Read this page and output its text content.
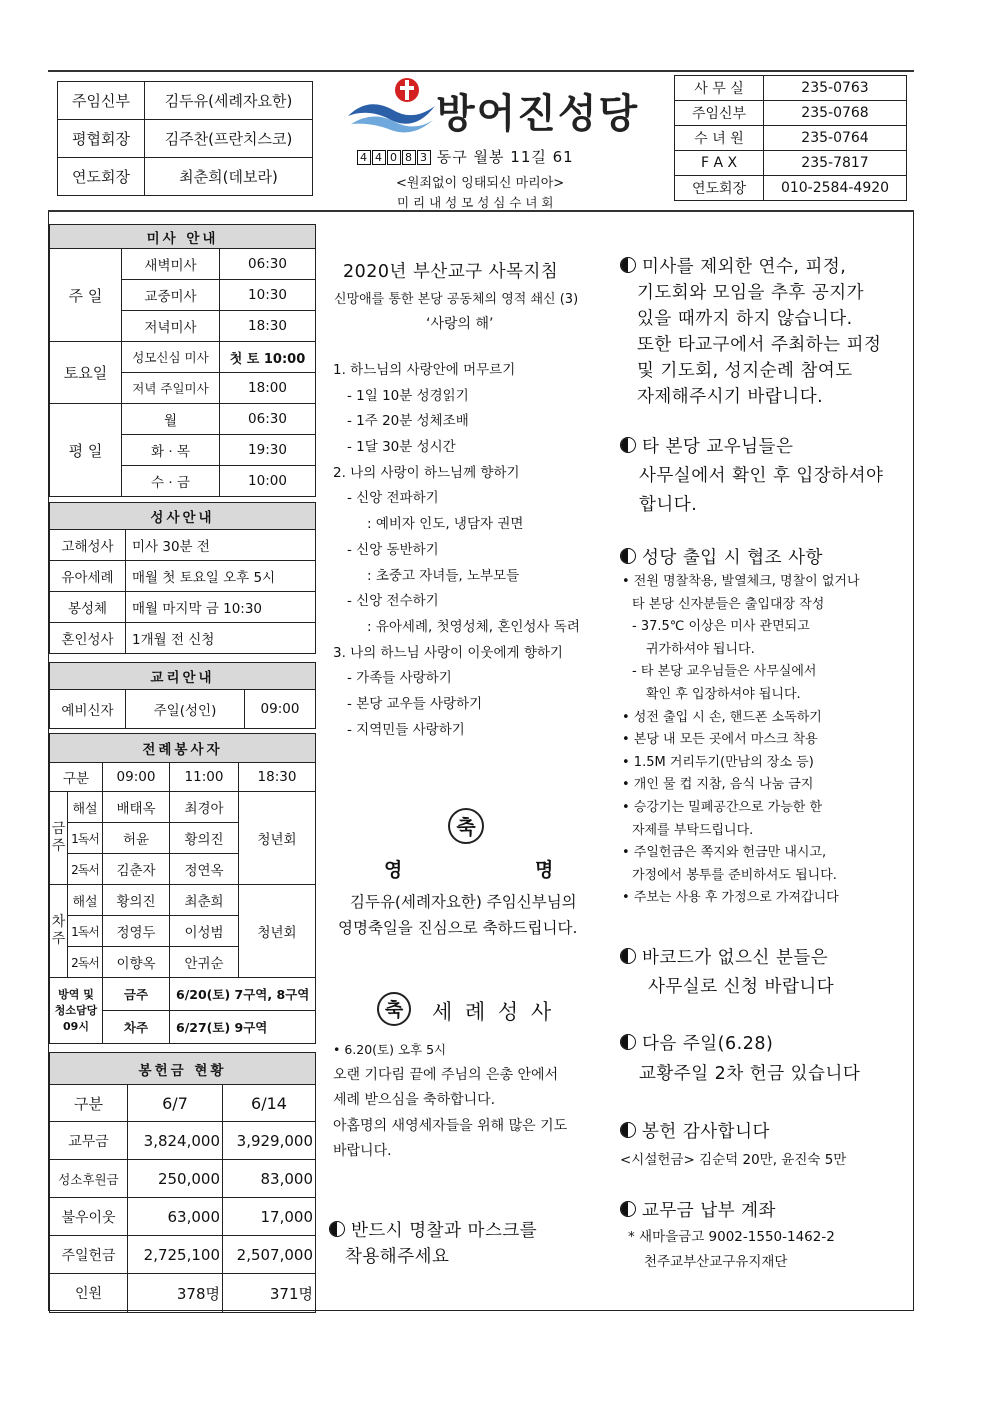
주임신부	김두유(세례자요한)
평협회장	김주찬(프란치스코)
연도회장	최춘희(데보라)
방어진성당
4 4 0 8 3 동구 월봉 11길 61
<원죄없이 잉태되신 마리아>
미 리 내 성 모 성 심 수 녀 회
사 무 실	235-0763
주임신부	235-0768
수 녀 원	235-0764
F A X	235-7817
연도회장	010-2584-4920
미사 안내		
주 일	새벽미사	06:30
	교중미사	10:30
	저녁미사	18:30
토요일	성모신심 미사	첫 토 10:00
	저녁 주일미사	18:00
평 일	월	06:30
	화 · 목	19:30
	수 · 금	10:00
성사안내	
고해성사	미사 30분 전
유아세례	매월 첫 토요일 오후 5시
봉성체	매월 마지막 금 10:30
혼인성사	1개월 전 신청
교리안내
예비신자	주일(성인)	09:00
전례봉사자				
구분		09:00	11:00	18:30
금주	해설	배태옥	최경아	청년회
	1독서	허윤	황의진	
	2독서	김춘자	정연옥	
차주	해설	황의진	최춘희	청년회
	1독서	정영두	이성범	
	2독서	이향옥	안귀순	
방역 및 청소담당 09시		금주	6/20(토) 7구역, 8구역	
		차주	6/27(토) 9구역	
봉헌금 현황		
구분	6/7	6/14
교무금	3,824,000	3,929,000
성소후원금	250,000	83,000
불우이웃	63,000	17,000
주일헌금	2,725,100	2,507,000
인원	378명	371명
2020년 부산교구 사목지침
신망애를 통한 본당 공동체의 영적 쇄신 (3)
‘사랑의 해’
1. 하느님의 사랑안에 머무르기
- 1일 10분 성경읽기
- 1주 20분 성체조배
- 1달 30분 성시간
2. 나의 사랑이 하느님께 향하기
- 신앙 전파하기
: 예비자 인도, 냉담자 권면
- 신앙 동반하기
: 초중고 자녀들, 노부모들
- 신앙 전수하기
: 유아세례, 첫영성체, 혼인성사 독려
3. 나의 하느님 사랑이 이웃에게 향하기
- 가족들 사랑하기
- 본당 교우들 사랑하기
- 지역민들 사랑하기
축
영	명
김두유(세례자요한) 주임신부님의
영명축일을 진심으로 축하드립니다.
축	세 례 성 사
• 6.20(토) 오후 5시
오랜 기다림 끝에 주님의 은총 안에서
세례 받으심을 축하합니다.
아홉명의 새영세자들을 위해 많은 기도
바랍니다.
반드시 명찰과 마스크를
착용해주세요
미사를 제외한 연수, 피정,
기도회와 모임을 추후 공지가
있을 때까지 하지 않습니다.
또한 타교구에서 주최하는 피정
및 기도회, 성지순례 참여도
자제해주시기 바랍니다.
타 본당 교우님들은
사무실에서 확인 후 입장하셔야
합니다.
성당 출입 시 협조 사항
• 전원 명찰착용, 발열체크, 명찰이 없거나
타 본당 신자분들은 출입대장 작성
- 37.5℃ 이상은 미사 관면되고
귀가하셔야 됩니다.
- 타 본당 교우님들은 사무실에서
확인 후 입장하셔야 됩니다.
• 성전 출입 시 손, 핸드폰 소독하기
• 본당 내 모든 곳에서 마스크 착용
• 1.5M 거리두기(만남의 장소 등)
• 개인 물 컵 지참, 음식 나눔 금지
• 승강기는 밀폐공간으로 가능한 한
자제를 부탁드립니다.
• 주일헌금은 쪽지와 헌금만 내시고,
가정에서 봉투를 준비하셔도 됩니다.
• 주보는 사용 후 가정으로 가져갑니다
바코드가 없으신 분들은
사무실로 신청 바랍니다
다음 주일(6.28)
교황주일 2차 헌금 있습니다
봉헌 감사합니다
<시설헌금> 김순덕 20만, 윤진숙 5만
교무금 납부 계좌
* 새마을금고 9002-1550-1462-2
천주교부산교구유지재단
